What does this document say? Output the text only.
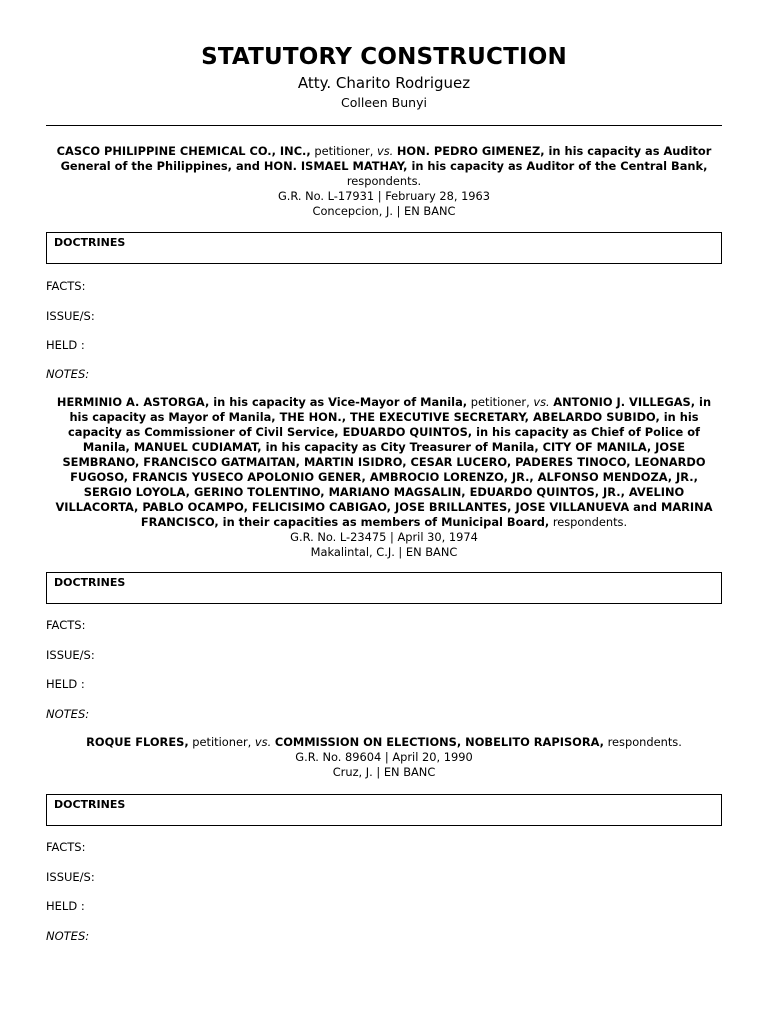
STATUTORY CONSTRUCTION
Atty. Charito Rodriguez
Colleen Bunyi
CASCO PHILIPPINE CHEMICAL CO., INC., petitioner, vs. HON. PEDRO GIMENEZ, in his capacity as Auditor General of the Philippines, and HON. ISMAEL MATHAY, in his capacity as Auditor of the Central Bank, respondents.
G.R. No. L-17931 | February 28, 1963
Concepcion, J. | EN BANC
DOCTRINES
FACTS:
ISSUE/S:
HELD :
NOTES:
HERMINIO A. ASTORGA, in his capacity as Vice-Mayor of Manila, petitioner, vs. ANTONIO J. VILLEGAS, in his capacity as Mayor of Manila, THE HON., THE EXECUTIVE SECRETARY, ABELARDO SUBIDO, in his capacity as Commissioner of Civil Service, EDUARDO QUINTOS, in his capacity as Chief of Police of Manila, MANUEL CUDIAMAT, in his capacity as City Treasurer of Manila, CITY OF MANILA, JOSE SEMBRANO, FRANCISCO GATMAITAN, MARTIN ISIDRO, CESAR LUCERO, PADERES TINOCO, LEONARDO FUGOSO, FRANCIS YUSECO APOLONIO GENER, AMBROCIO LORENZO, JR., ALFONSO MENDOZA, JR., SERGIO LOYOLA, GERINO TOLENTINO, MARIANO MAGSALIN, EDUARDO QUINTOS, JR., AVELINO VILLACORTA, PABLO OCAMPO, FELICISIMO CABIGAO, JOSE BRILLANTES, JOSE VILLANUEVA and MARINA FRANCISCO, in their capacities as members of Municipal Board, respondents.
G.R. No. L-23475 | April 30, 1974
Makalintal, C.J. | EN BANC
DOCTRINES
FACTS:
ISSUE/S:
HELD :
NOTES:
ROQUE FLORES, petitioner, vs. COMMISSION ON ELECTIONS, NOBELITO RAPISORA, respondents.
G.R. No. 89604 | April 20, 1990
Cruz, J. | EN BANC
DOCTRINES
FACTS:
ISSUE/S:
HELD :
NOTES:
